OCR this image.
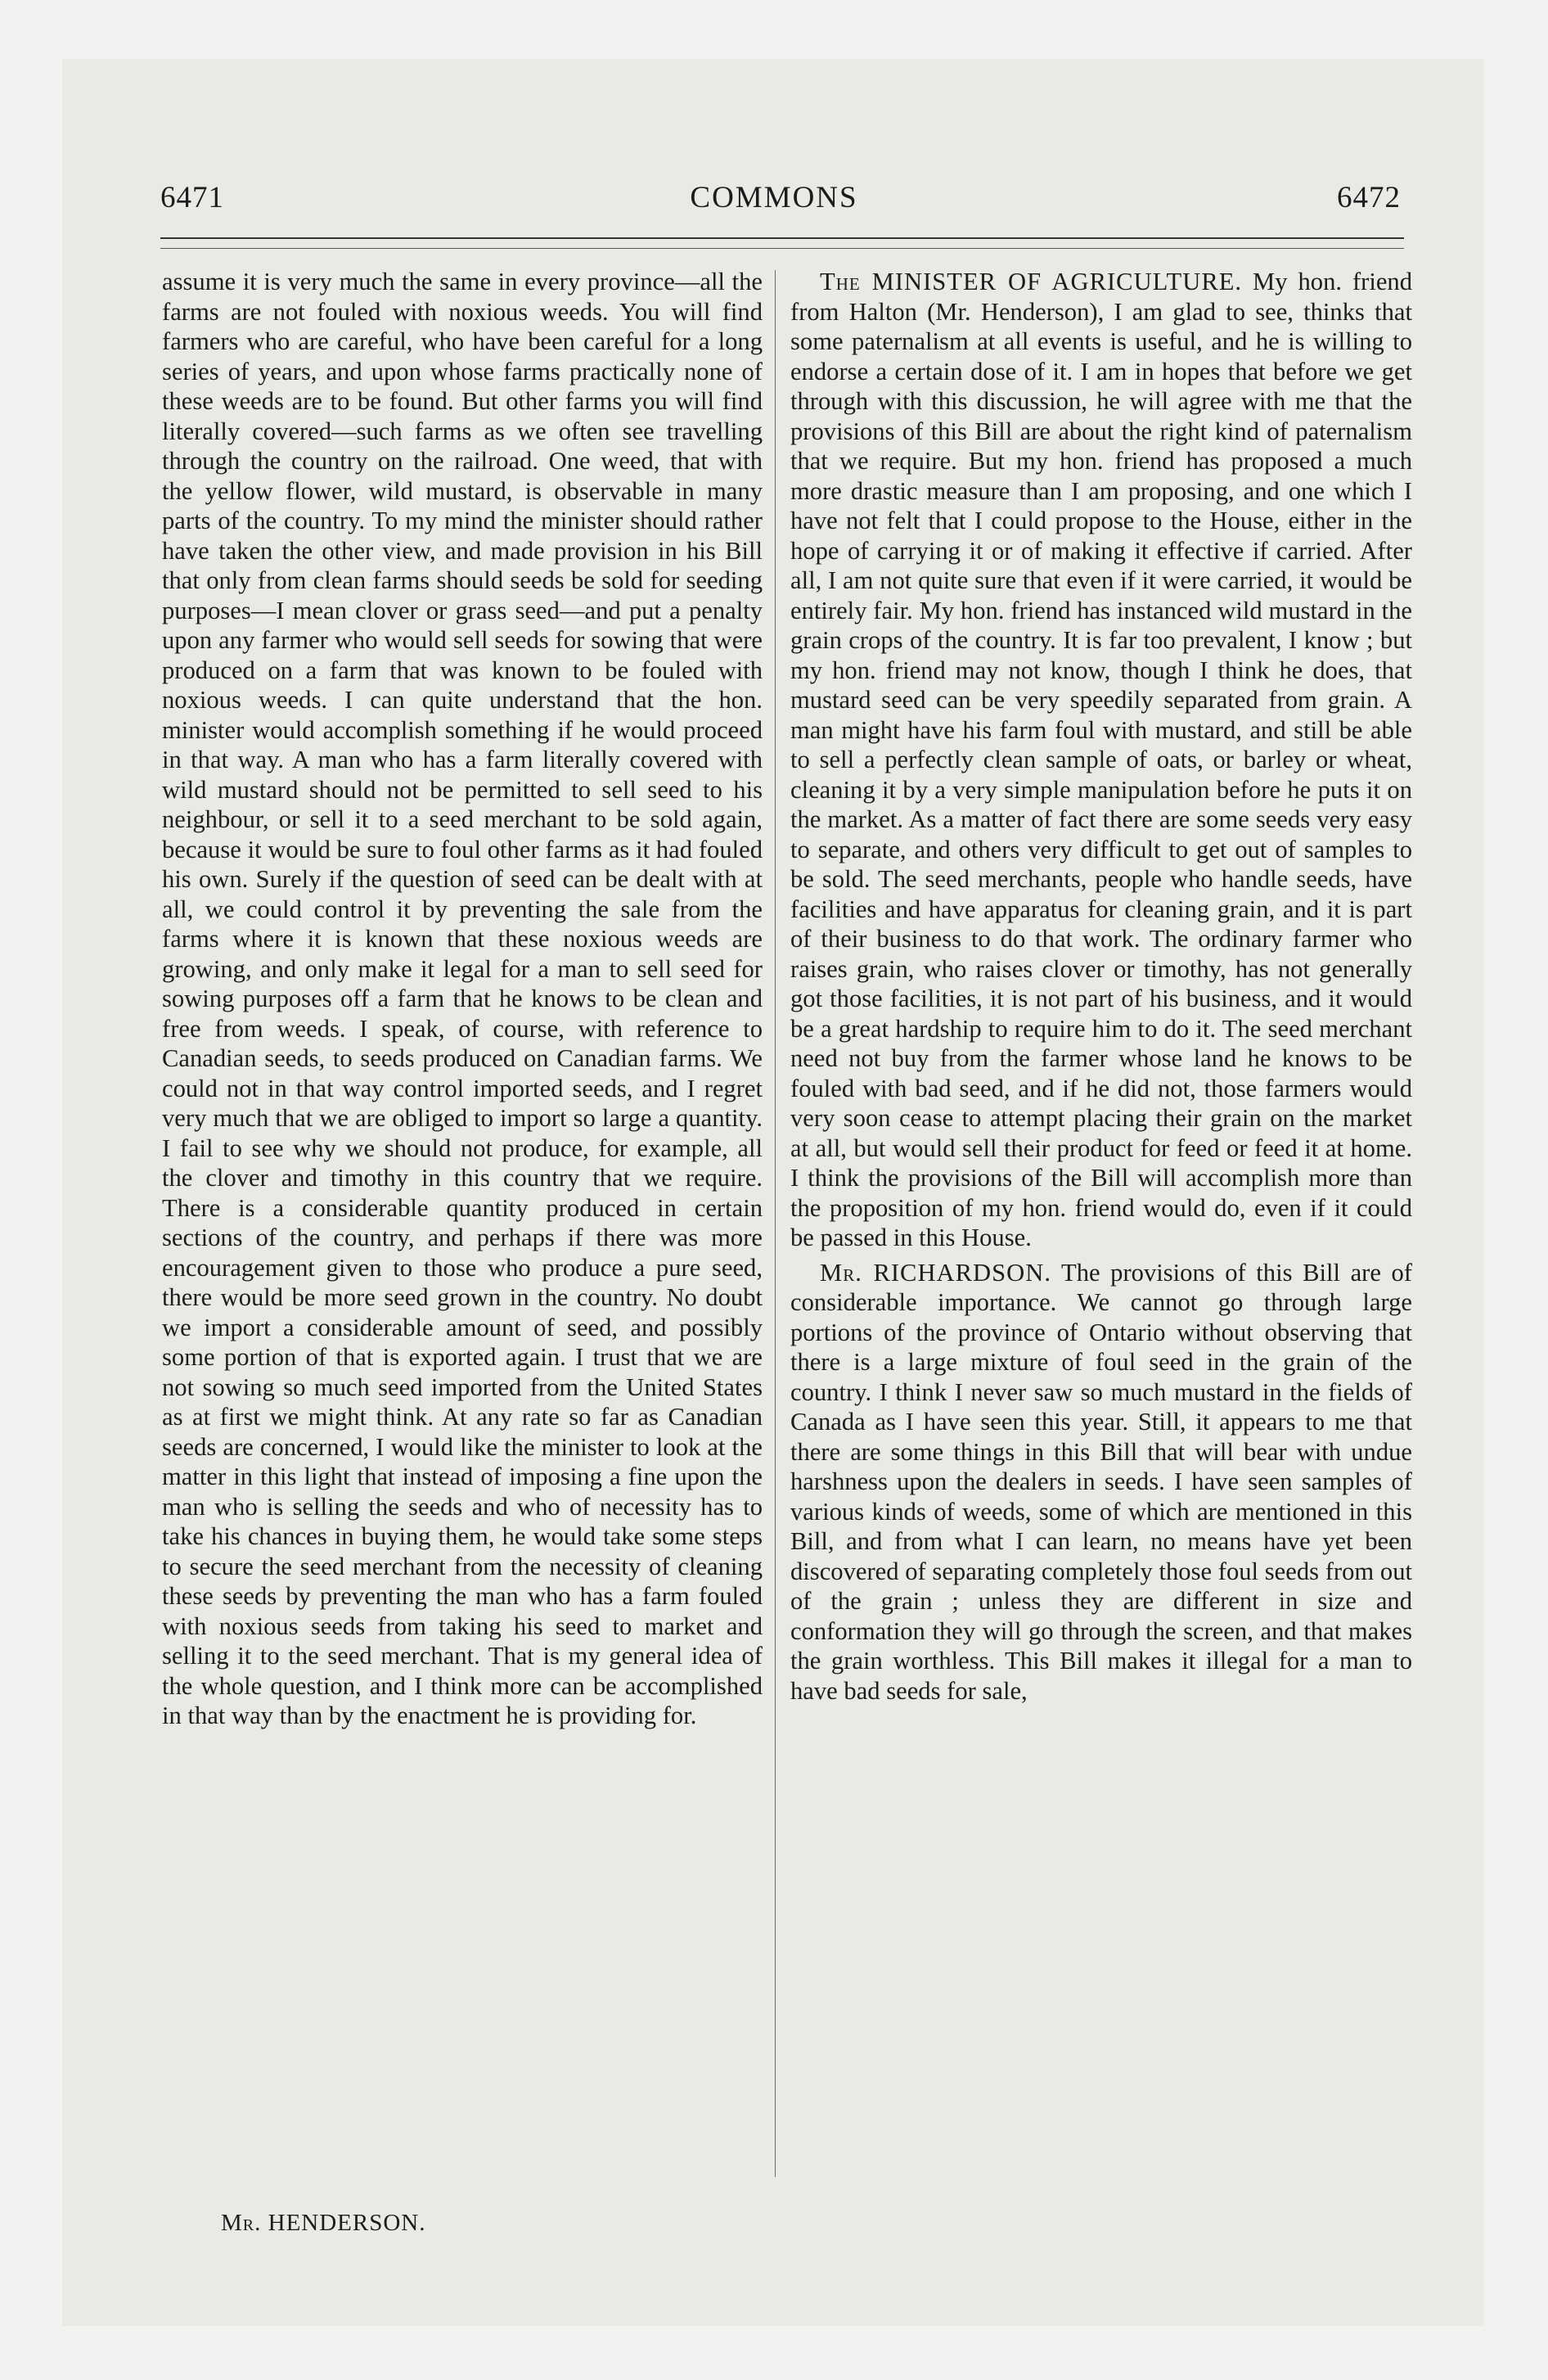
6471	COMMONS	6472

assume it is very much the same in every province—all the farms are not fouled with noxious weeds. You will find farmers who are careful, who have been careful for a long series of years, and upon whose farms practically none of these weeds are to be found. But other farms you will find literally covered—such farms as we often see travelling through the country on the railroad. One weed, that with the yellow flower, wild mustard, is observable in many parts of the country. To my mind the minister should rather have taken the other view, and made provision in his Bill that only from clean farms should seeds be sold for seeding purposes—I mean clover or grass seed—and put a penalty upon any farmer who would sell seeds for sowing that were produced on a farm that was known to be fouled with noxious weeds. I can quite understand that the hon. minister would accomplish something if he would proceed in that way. A man who has a farm literally covered with wild mustard should not be permitted to sell seed to his neighbour, or sell it to a seed merchant to be sold again, because it would be sure to foul other farms as it had fouled his own. Surely if the question of seed can be dealt with at all, we could control it by preventing the sale from the farms where it is known that these noxious weeds are growing, and only make it legal for a man to sell seed for sowing purposes off a farm that he knows to be clean and free from weeds. I speak, of course, with reference to Canadian seeds, to seeds produced on Canadian farms. We could not in that way control imported seeds, and I regret very much that we are obliged to import so large a quantity. I fail to see why we should not produce, for example, all the clover and timothy in this country that we require. There is a considerable quantity produced in certain sections of the country, and perhaps if there was more encouragement given to those who produce a pure seed, there would be more seed grown in the country. No doubt we import a considerable amount of seed, and possibly some portion of that is exported again. I trust that we are not sowing so much seed imported from the United States as at first we might think. At any rate so far as Canadian seeds are concerned, I would like the minister to look at the matter in this light that instead of imposing a fine upon the man who is selling the seeds and who of necessity has to take his chances in buying them, he would take some steps to secure the seed merchant from the necessity of cleaning these seeds by preventing the man who has a farm fouled with noxious seeds from taking his seed to market and selling it to the seed merchant. That is my general idea of the whole question, and I think more can be accomplished in that way than by the enactment he is providing for.

The MINISTER OF AGRICULTURE. My hon. friend from Halton (Mr. Henderson), I am glad to see, thinks that some paternalism at all events is useful, and he is willing to endorse a certain dose of it. I am in hopes that before we get through with this discussion, he will agree with me that the provisions of this Bill are about the right kind of paternalism that we require. But my hon. friend has proposed a much more drastic measure than I am proposing, and one which I have not felt that I could propose to the House, either in the hope of carrying it or of making it effective if carried. After all, I am not quite sure that even if it were carried, it would be entirely fair. My hon. friend has instanced wild mustard in the grain crops of the country. It is far too prevalent, I know ; but my hon. friend may not know, though I think he does, that mustard seed can be very speedily separated from grain. A man might have his farm foul with mustard, and still be able to sell a perfectly clean sample of oats, or barley or wheat, cleaning it by a very simple manipulation before he puts it on the market. As a matter of fact there are some seeds very easy to separate, and others very difficult to get out of samples to be sold. The seed merchants, people who handle seeds, have facilities and have apparatus for cleaning grain, and it is part of their business to do that work. The ordinary farmer who raises grain, who raises clover or timothy, has not generally got those facilities, it is not part of his business, and it would be a great hardship to require him to do it. The seed merchant need not buy from the farmer whose land he knows to be fouled with bad seed, and if he did not, those farmers would very soon cease to attempt placing their grain on the market at all, but would sell their product for feed or feed it at home. I think the provisions of the Bill will accomplish more than the proposition of my hon. friend would do, even if it could be passed in this House.

Mr. RICHARDSON. The provisions of this Bill are of considerable importance. We cannot go through large portions of the province of Ontario without observing that there is a large mixture of foul seed in the grain of the country. I think I never saw so much mustard in the fields of Canada as I have seen this year. Still, it appears to me that there are some things in this Bill that will bear with undue harshness upon the dealers in seeds. I have seen samples of various kinds of weeds, some of which are mentioned in this Bill, and from what I can learn, no means have yet been discovered of separating completely those foul seeds from out of the grain ; unless they are different in size and conformation they will go through the screen, and that makes the grain worthless. This Bill makes it illegal for a man to have bad seeds for sale,

Mr. HENDERSON.
